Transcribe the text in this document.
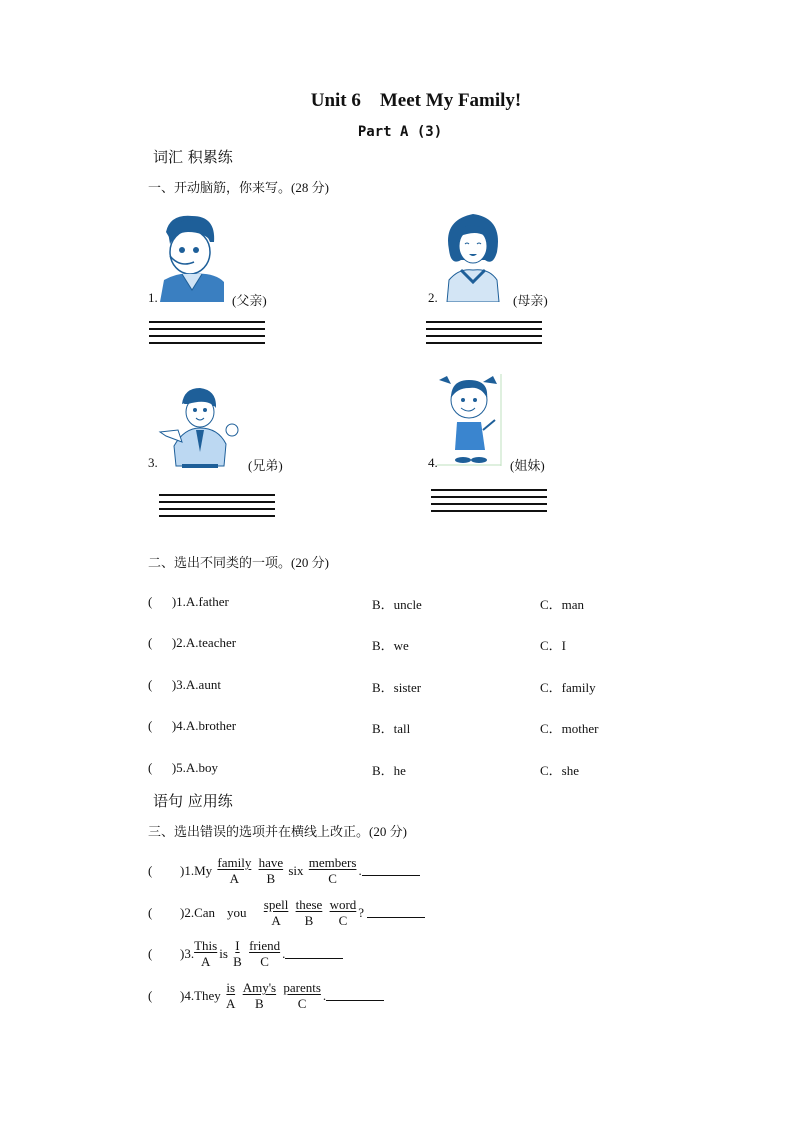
Unit 6    Meet My Family!
Part A (3)
词汇 积累练
一、开动脑筋，你来写。(28 分)
1.	(父亲)	2.	(母亲)
3.	(兄弟)	4.	(姐妹)
二、选出不同类的一项。(20 分)
(      )1.A.father	B．uncle	C．man
(      )2.A.teacher	B．we	C．I
(      )3.A.aunt	B．sister	C．family
(      )4.A.brother	B．tall	C．mother
(      )5.A.boy	B．he	C．she
语句 应用练
三、选出错误的选项并在横线上改正。(20 分)
( )$1.My \frac{\text{family}}{A}$
$\frac{\text{have}}{B}$ six $\frac{\text{members}}{C}$ .
( )2.Can you $\frac{\text{spell}}{A}$
$\frac{\text{these}}{B}$
$\frac{\text{word}}{C}$ ?
( )3. $\frac{\text{This}}{A}$ is $\frac{I}{B}$
$\frac{\text{friend}}{C}$ .
( )4.They $\frac{is}{A}$
$\frac{\text{Amy's}}{B}$
$\frac{\text{parents}}{C}$ .
